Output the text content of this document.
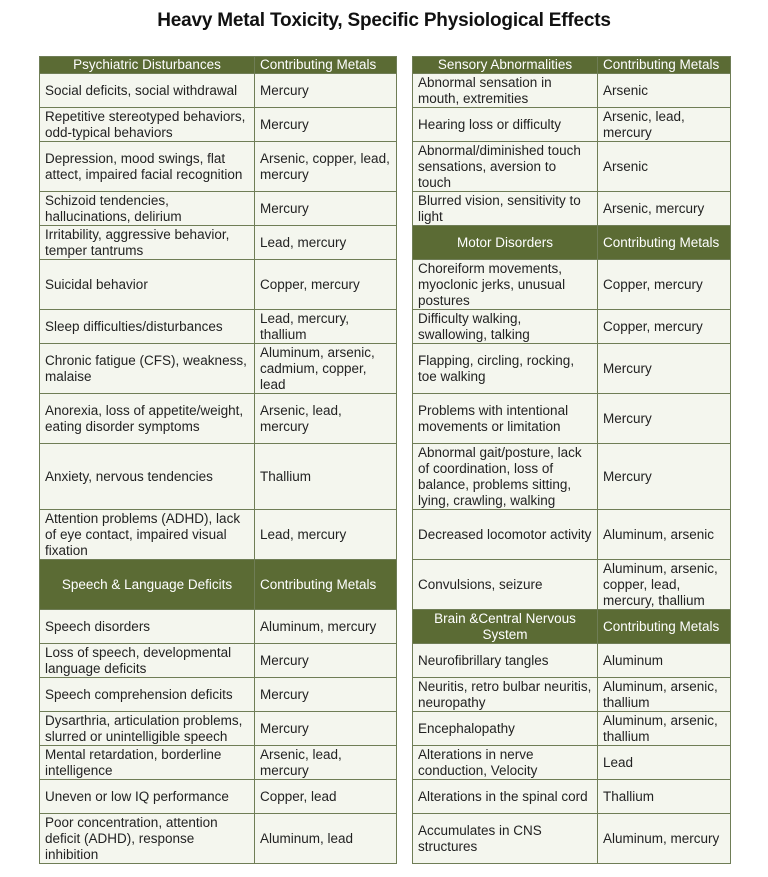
Heavy Metal Toxicity, Specific Physiological Effects
Psychiatric Disturbances	Contributing Metals
Social deficits, social withdrawal	Mercury
Repetitive stereotyped behaviors, odd-typical behaviors	Mercury
Depression, mood swings, flat attect, impaired facial recognition	Arsenic, copper, lead, mercury
Schizoid tendencies, hallucinations, delirium	Mercury
Irritability, aggressive behavior, temper tantrums	Lead, mercury
Suicidal behavior	Copper, mercury
Sleep difficulties/disturbances	Lead, mercury, thallium
Chronic fatigue (CFS), weakness, malaise	Aluminum, arsenic, cadmium, copper, lead
Anorexia, loss of appetite/weight, eating disorder symptoms	Arsenic, lead, mercury
Anxiety, nervous tendencies	Thallium
Attention problems (ADHD), lack of eye contact, impaired visual fixation	Lead, mercury
Speech & Language Deficits	Contributing Metals
Speech disorders	Aluminum, mercury
Loss of speech, developmental language deficits	Mercury
Speech comprehension deficits	Mercury
Dysarthria, articulation problems, slurred or unintelligible speech	Mercury
Mental retardation, borderline intelligence	Arsenic, lead, mercury
Uneven or low IQ performance	Copper, lead
Poor concentration, attention deficit (ADHD), response inhibition	Aluminum, lead
Sensory Abnormalities	Contributing Metals
Abnormal sensation in mouth, extremities	Arsenic
Hearing loss or difficulty	Arsenic, lead, mercury
Abnormal/diminished touch sensations, aversion to touch	Arsenic
Blurred vision, sensitivity to light	Arsenic, mercury
Motor Disorders	Contributing Metals
Choreiform movements, myoclonic jerks, unusual postures	Copper, mercury
Difficulty walking, swallowing, talking	Copper, mercury
Flapping, circling, rocking, toe walking	Mercury
Problems with intentional movements or limitation	Mercury
Abnormal gait/posture, lack of coordination, loss of balance, problems sitting, lying, crawling, walking	Mercury
Decreased locomotor activity	Aluminum, arsenic
Convulsions, seizure	Aluminum, arsenic, copper, lead, mercury, thallium
Brain &Central Nervous System	Contributing Metals
Neurofibrillary tangles	Aluminum
Neuritis, retro bulbar neuritis, neuropathy	Aluminum, arsenic, thallium
Encephalopathy	Aluminum, arsenic, thallium
Alterations in nerve conduction, Velocity	Lead
Alterations in the spinal cord	Thallium
Accumulates in CNS structures	Aluminum, mercury
